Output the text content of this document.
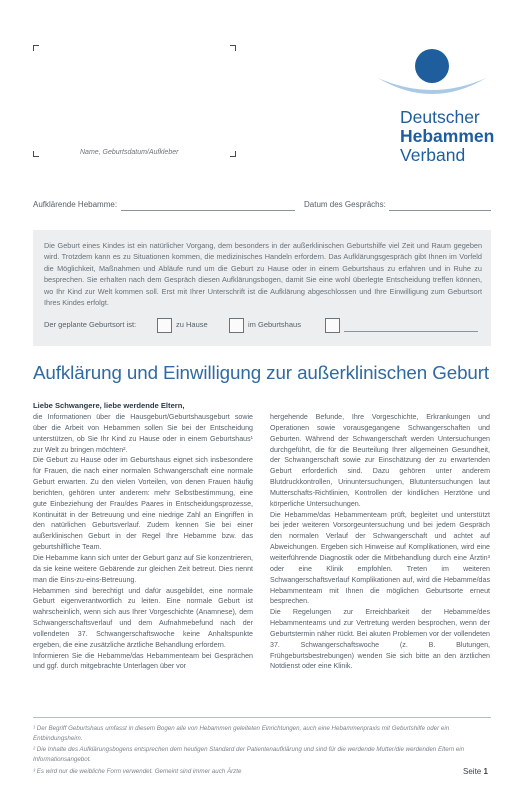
Name, Geburtsdatum/Aufkleber
Deutscher
Hebammen
Verband
Aufklärende Hebamme:	Datum des Gesprächs:
Die Geburt eines Kindes ist ein natürlicher Vorgang, dem besonders in der außerklinischen Geburtshilfe viel Zeit und Raum gegeben wird. Trotzdem kann es zu Situationen kommen, die medizinisches Handeln erfordern. Das Aufklärungsgespräch gibt Ihnen im Vorfeld die Möglichkeit, Maßnahmen und Abläufe rund um die Geburt zu Hause oder in einem Geburtshaus zu erfahren und in Ruhe zu besprechen. Sie erhalten nach dem Gespräch diesen Aufklärungsbogen, damit Sie eine wohl überlegte Entscheidung treffen können, wo Ihr Kind zur Welt kommen soll. Erst mit Ihrer Unterschrift ist die Aufklärung abgeschlossen und Ihre Einwilligung zum Geburtsort Ihres Kindes erfolgt.
Der geplante Geburtsort ist:	zu Hause	im Geburtshaus
Aufklärung und Einwilligung zur außerklinischen Geburt
Liebe Schwangere, liebe werdende Eltern,

die Informationen über die Hausgeburt/Geburtshausgeburt sowie über die Arbeit von Hebammen sollen Sie bei der Entscheidung unterstützen, ob Sie Ihr Kind zu Hause oder in einem Geburtshaus¹ zur Welt zu bringen möchten².

Die Geburt zu Hause oder im Geburtshaus eignet sich insbesondere für Frauen, die nach einer normalen Schwangerschaft eine normale Geburt erwarten. Zu den vielen Vorteilen, von denen Frauen häufig berichten, gehören unter anderem: mehr Selbstbestimmung, eine gute Einbeziehung der Frau/des Paares in Entscheidungsprozesse, Kontinuität in der Betreuung und eine niedrige Zahl an Eingriffen in den natürlichen Geburtsverlauf. Zudem kennen Sie bei einer außerklinischen Geburt in der Regel Ihre Hebamme bzw. das geburtshilfliche Team.

Die Hebamme kann sich unter der Geburt ganz auf Sie konzentrieren, da sie keine weitere Gebärende zur gleichen Zeit betreut. Dies nennt man die Eins-zu-eins-Betreuung.

Hebammen sind berechtigt und dafür ausgebildet, eine normale Geburt eigenverantwortlich zu leiten. Eine normale Geburt ist wahrscheinlich, wenn sich aus Ihrer Vorgeschichte (Anamnese), dem Schwangerschaftsverlauf und dem Aufnahmebefund nach der vollendeten 37. Schwangerschaftswoche keine Anhaltspunkte ergeben, die eine zusätzliche ärztliche Behandlung erfordern.

Informieren Sie die Hebamme/das Hebammenteam bei Gesprächen und ggf. durch mitgebrachte Unterlagen über vor

hergehende Befunde, Ihre Vorgeschichte, Erkrankungen und Operationen sowie vorausgegangene Schwangerschaften und Geburten. Während der Schwangerschaft werden Untersuchungen durchgeführt, die für die Beurteilung Ihrer allgemeinen Gesundheit, der Schwangerschaft sowie zur Einschätzung der zu erwartenden Geburt erforderlich sind. Dazu gehören unter anderem Blutdruckkontrollen, Urinuntersuchungen, Blutuntersuchungen laut Mutterschafts-Richtlinien, Kontrollen der kindlichen Herztöne und körperliche Untersuchungen.

Die Hebamme/das Hebammenteam prüft, begleitet und unterstützt bei jeder weiteren Vorsorgeuntersuchung und bei jedem Gespräch den normalen Verlauf der Schwangerschaft und achtet auf Abweichungen. Ergeben sich Hinweise auf Komplikationen, wird eine weiterführende Diagnostik oder die Mitbehandlung durch eine Ärztin³ oder eine Klinik empfohlen. Treten im weiteren Schwangerschaftsverlauf Komplikationen auf, wird die Hebamme/das Hebammenteam mit Ihnen die möglichen Geburtsorte erneut besprechen.

Die Regelungen zur Erreichbarkeit der Hebamme/des Hebammenteams und zur Vertretung werden besprochen, wenn der Geburtstermin näher rückt. Bei akuten Problemen vor der vollendeten 37. Schwangerschaftswoche (z. B. Blutungen, Frühgeburtsbestrebungen) wenden Sie sich bitte an den ärztlichen Notdienst oder eine Klinik.

¹ Der Begriff Geburtshaus umfasst in diesem Bogen alle von Hebammen geleiteten Einrichtungen, auch eine Hebammenpraxis mit Geburtshilfe oder ein Entbindungsheim.
² Die Inhalte des Aufklärungsbogens entsprechen dem heutigen Standard der Patientenaufklärung und sind für die werdende Mutter/die werdenden Eltern ein Informationsangebot.
³ Es wird nur die weibliche Form verwendet. Gemeint sind immer auch Ärzte	Seite 1
